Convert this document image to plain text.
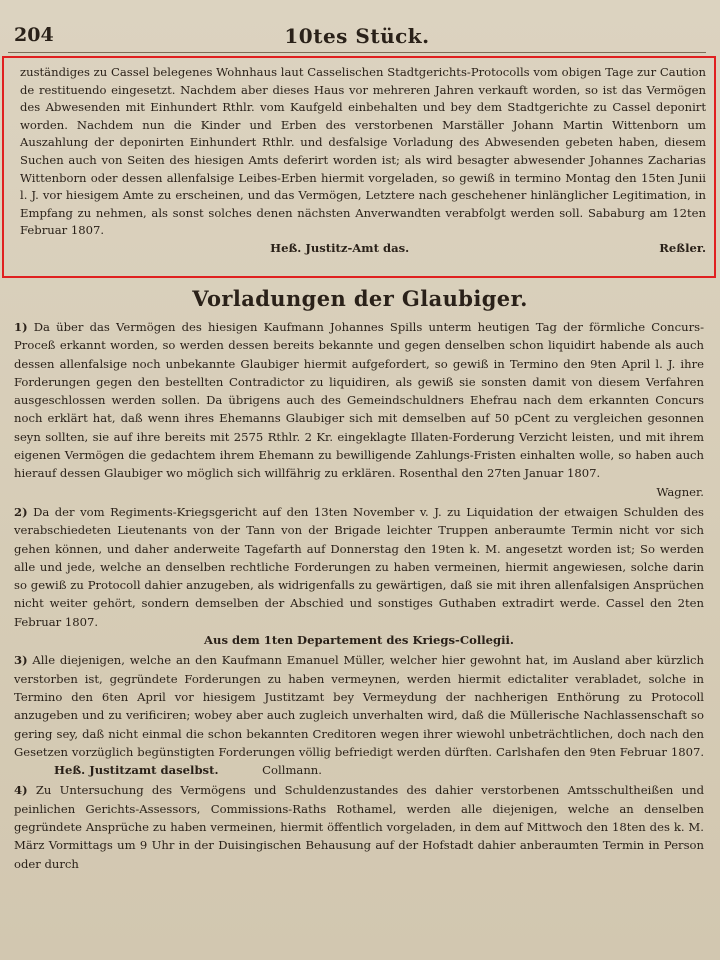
204	10tes Stück.

zuständiges zu Cassel belegenes Wohnhaus laut Casselischen Stadtgerichts-Protocolls vom obigen Tage zur Caution de restituendo eingesetzt. Nachdem aber dieses Haus vor mehreren Jahren verkauft worden, so ist das Vermögen des Abwesenden mit Einhundert Rthlr. vom Kaufgeld einbehalten und bey dem Stadtgerichte zu Cassel deponirt worden. Nachdem nun die Kinder und Erben des verstorbenen Marställer Johann Martin Wittenborn um Auszahlung der deponirten Einhundert Rthlr. und desfalsige Vorladung des Abwesenden gebeten haben, diesem Suchen auch von Seiten des hiesigen Amts deferirt worden ist; als wird besagter abwesender Johannes Zacharias Wittenborn oder dessen allenfalsige Leibes-Erben hiermit vorgeladen, so gewiß in termino Montag den 15ten Junii l. J. vor hiesigem Amte zu erscheinen, und das Vermögen, Letztere nach geschehener hinlänglicher Legitimation, in Empfang zu nehmen, als sonst solches denen nächsten Anverwandten verabfolgt werden soll. Sababurg am 12ten Februar 1807.

Heß. Justitz-Amt das.	Reßler.
Vorladungen der Glaubiger.

1) Da über das Vermögen des hiesigen Kaufmann Johannes Spills unterm heutigen Tag der förmliche Concurs-Proceß erkannt worden, so werden dessen bereits bekannte und gegen denselben schon liquidirt habende als auch dessen allenfalsige noch unbekannte Glaubiger hiermit aufgefordert, so gewiß in Termino den 9ten April l. J. ihre Forderungen gegen den bestellten Contradictor zu liquidiren, als gewiß sie sonsten damit von diesem Verfahren ausgeschlossen werden sollen. Da übrigens auch des Gemeindschuldners Ehefrau nach dem erkannten Concurs noch erklärt hat, daß wenn ihres Ehemanns Glaubiger sich mit demselben auf 50 pCent zu vergleichen gesonnen seyn sollten, sie auf ihre bereits mit 2575 Rthlr. 2 Kr. eingeklagte Illaten-Forderung Verzicht leisten, und mit ihrem eigenen Vermögen die gedachtem ihrem Ehemann zu bewilligende Zahlungs-Fristen einhalten wolle, so haben auch hierauf dessen Glaubiger wo möglich sich willfährig zu erklären. Rosenthal den 27ten Januar 1807.
Wagner.

2) Da der vom Regiments-Kriegsgericht auf den 13ten November v. J. zu Liquidation der etwaigen Schulden des verabschiedeten Lieutenants von der Tann von der Brigade leichter Truppen anberaumte Termin nicht vor sich gehen können, und daher anderweite Tagefarth auf Donnerstag den 19ten k. M. angesetzt worden ist; So werden alle und jede, welche an denselben rechtliche Forderungen zu haben vermeinen, hiermit angewiesen, solche darin so gewiß zu Protocoll dahier anzugeben, als widrigenfalls zu gewärtigen, daß sie mit ihren allenfalsigen Ansprüchen nicht weiter gehört, sondern demselben der Abschied und sonstiges Guthaben extradirt werde. Cassel den 2ten Februar 1807.
Aus dem 1ten Departement des Kriegs-Collegii.

3) Alle diejenigen, welche an den Kaufmann Emanuel Müller, welcher hier gewohnt hat, im Ausland aber kürzlich verstorben ist, gegründete Forderungen zu haben vermeynen, werden hiermit edictaliter verabladet, solche in Termino den 6ten April vor hiesigem Justitzamt bey Vermeydung der nachherigen Enthörung zu Protocoll anzugeben und zu verificiren; wobey aber auch zugleich unverhalten wird, daß die Müllerische Nachlassenschaft so gering sey, daß nicht einmal die schon bekannten Creditoren wegen ihrer wiewohl unbeträchtlichen, doch nach den Gesetzen vorzüglich begünstigten Forderungen völlig befriedigt werden dürften. Carlshafen den 9ten Februar 1807. Heß. Justitzamt daselbst.	Collmann.

4) Zu Untersuchung des Vermögens und Schuldenzustandes des dahier verstorbenen Amtsschultheißen und peinlichen Gerichts-Assessors, Commissions-Raths Rothamel, werden alle diejenigen, welche an denselben gegründete Ansprüche zu haben vermeinen, hiermit öffentlich vorgeladen, in dem auf Mittwoch den 18ten des k. M. März Vormittags um 9 Uhr in der Duisingischen Behausung auf der Hofstadt dahier anberaumten Termin in Person oder durch
